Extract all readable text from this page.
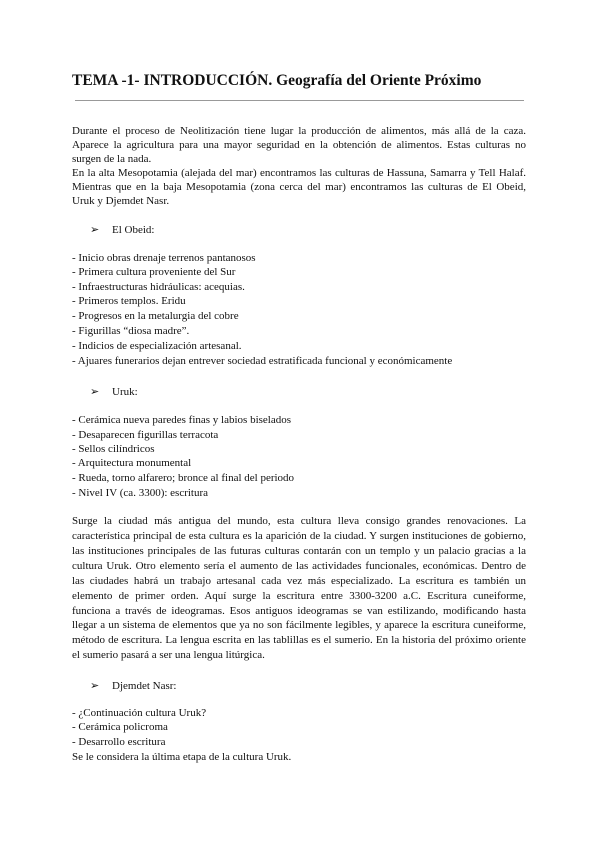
TEMA -1- INTRODUCCIÓN. Geografía del Oriente Próximo
Durante el proceso de Neolitización tiene lugar la producción de alimentos, más allá de la caza.
Aparece la agricultura para una mayor seguridad en la obtención de alimentos. Estas culturas no
surgen de la nada.
En la alta Mesopotamia (alejada del mar) encontramos las culturas de Hassuna, Samarra y Tell Halaf.
Mientras que en la baja Mesopotamia (zona cerca del mar) encontramos las culturas de El Obeid,
Uruk y Djemdet Nasr.
➢ El Obeid:
- Inicio obras drenaje terrenos pantanosos
- Primera cultura proveniente del Sur
- Infraestructuras hidráulicas: acequias.
- Primeros templos. Eridu
- Progresos en la metalurgia del cobre
- Figurillas “diosa madre”.
- Indicios de especialización artesanal.
- Ajuares funerarios dejan entrever sociedad estratificada funcional y económicamente
➢ Uruk:
- Cerámica nueva paredes finas y labios biselados
- Desaparecen figurillas terracota
- Sellos cilíndricos
- Arquitectura monumental
- Rueda, torno alfarero; bronce al final del periodo
- Nivel IV (ca. 3300): escritura
Surge la ciudad más antigua del mundo, esta cultura lleva consigo grandes renovaciones. La
característica principal de esta cultura es la aparición de la ciudad. Y surgen instituciones de gobierno,
las instituciones principales de las futuras culturas contarán con un templo y un palacio gracias a la
cultura Uruk. Otro elemento sería el aumento de las actividades funcionales, económicas. Dentro de
las ciudades habrá un trabajo artesanal cada vez más especializado. La escritura es también un
elemento de primer orden. Aquí surge la escritura entre 3300-3200 a.C. Escritura cuneiforme,
funciona a través de ideogramas. Esos antiguos ideogramas se van estilizando, modificando hasta
llegar a un sistema de elementos que ya no son fácilmente legibles, y aparece la escritura cuneiforme,
método de escritura. La lengua escrita en las tablillas es el sumerio. En la historia del próximo oriente
el sumerio pasará a ser una lengua litúrgica.
➢ Djemdet Nasr:
- ¿Continuación cultura Uruk?
- Cerámica policroma
- Desarrollo escritura
Se le considera la última etapa de la cultura Uruk.
